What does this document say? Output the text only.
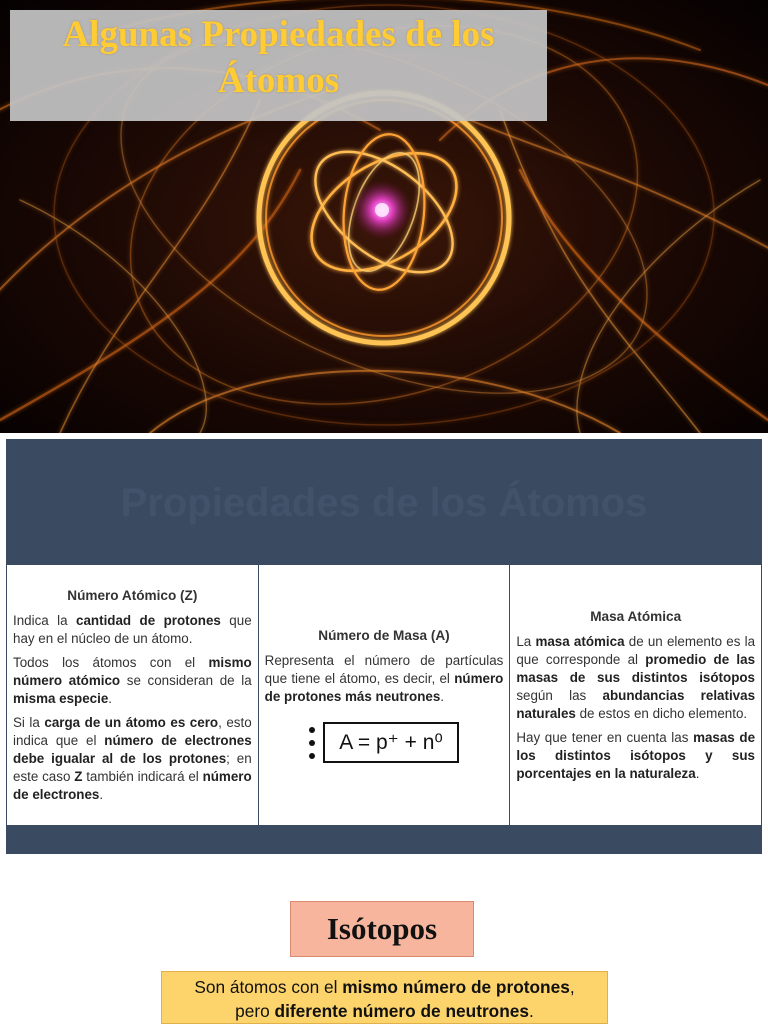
Algunas Propiedades de los
Átomos
Propiedades de los Átomos
Número Atómico (Z)

Indica la cantidad de protones que hay en el núcleo de un átomo.

Todos los átomos con el mismo número atómico se consideran de la misma especie.

Si la carga de un átomo es cero, esto indica que el número de electrones debe igualar al de los protones; en este caso Z también indicará el número de electrones.

Número de Masa (A)

Representa el número de partículas que tiene el átomo, es decir, el número de protones más neutrones.

A = p⁺ + n⁰
Masa Atómica

La masa atómica de un elemento es la que corresponde al promedio de las masas de sus distintos isótopos según las abundancias relativas naturales de estos en dicho elemento.

Hay que tener en cuenta las masas de los distintos isótopos y sus porcentajes en la naturaleza.

Isótopos
Son átomos con el mismo número de protones,
pero diferente número de neutrones.
